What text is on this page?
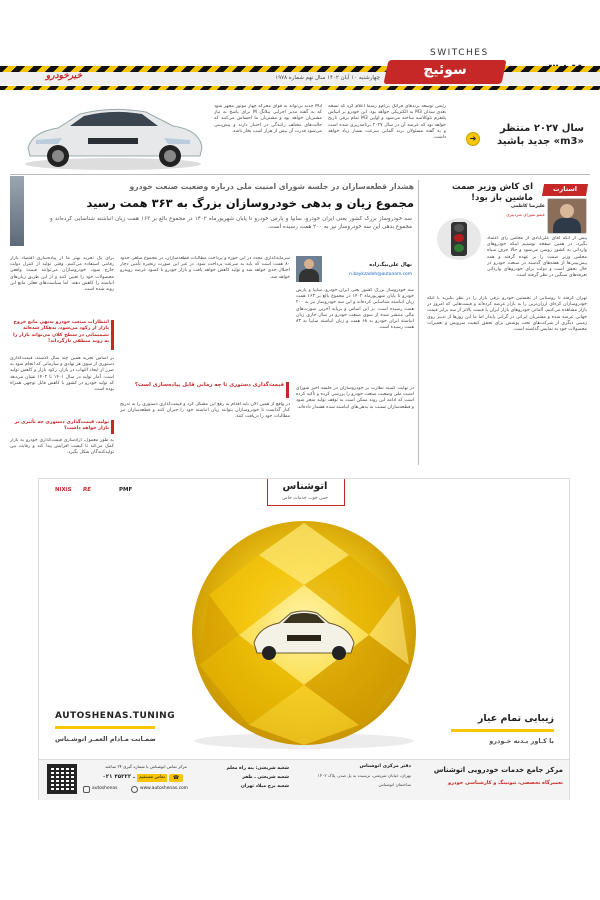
SWITCHES
سوئیچ
چهارشنبه ۱۰ آبان ۱۴۰۲ سال نهم شماره ۱۹۷۸
خبرخودرو
M3 جدید بی‌تواند به قوای محرکه چهار موتور مجهز شود که به گفته مدیر اجرایی بیلانگ M برای پاسخ به نیاز مشتریان خواهد بود و مشتریان ما احساس می‌کنند که حالت‌های مختلف رانندگی در اختیار دارند و پیش‌بینی می‌شود قدرت آن بیش از هزار اسب بخار باشد.
رئیس توسعه برندهای فرانک بی‌ام‌و رسماً اعلام کرد که نسخه بعدی سدان M3 به الکتریکی خواهد بود. این خودرو بر اساس پلتفرم نئوکلاسه ساخته می‌شود و اولین M3 تمام برقی تاریخ خواهد بود که عرضه آن در سال ۲۰۲۷ برنامه‌ریزی شده است و به گفته مسئولان برند آلمانی سرعت بسیار زیاد خواهد داشت.	➜
سال ۲۰۲۷ منتظر «m3» جدید باشید
ای کاش وزیر صمت ماشین باز بود!
استارت
علیرضا کاظمی
عضو شورای سردبیری
پیش از آنکه آقای علی‌آبادی از مجلس رأی اعتماد بگیرد، در همین صفحه نوشتیم اینکه خودروهای وارداتی به کشور روشن می‌شود و حالا حرفِ سیاه مجلس وزیر صمت را بر عهده گرفته و همه پیش‌بینی‌ها از هفته‌های گذشته در صنعت خودرو در حال تحقق است و دولت برای خودروهای وارداتی تعرفه‌های سنگین در نظر گرفته است.
تهران گرفته تا روستایی از نخستین خودرو برقی بازار را در نظر بگیرید با آنکه خودروسازان کره‌ای ارزان‌ترین را به بازار عرضه کرده‌اند و قیمت‌هایی که امروز در بازار مشاهده می‌کنیم، آلمانی خودروهای بازار ایران با قیمت بالاتر از سه برابر قیمت جهانی عرضه شده و مشتریان ایرانی در گرانی پایدار اما ما این روزها از تدبیر روی زمینی دیگری از شرکت‌های تحت پوشش برای تحقق کیفیت سرویس و تعمیرات محصولات خود به نمایش گذاشته است.
هشدار قطعه‌سازان در جلسه شورای امنیت ملی درباره وضعیت صنعت خودرو
مجموع زیان و بدهی خودروسازان بزرگ به ۳۶۳ همت رسید
سه خودروساز بزرگ کشور یعنی ایران خودرو، سایپا و پارس خودرو تا پایان شهریورماه ۱۴۰۲ در مجموع بالغ بر ۱۶۳ همت زیان انباشته شناسایی کرده‌اند و مجموع بدهی این سه خودروساز نیز به ۲۰۰ همت رسیده است.
نهال علی‌بیگ‌زاده
n.baykzadeh@autonam.com
سه خودروساز بزرگ کشور یعنی ایران خودرو، سایپا و پارس خودرو تا پایان شهریورماه ۱۴۰۲ در مجموع بالغ بر ۱۶۳ همت زیان انباشته شناسایی کرده‌اند و این سه خودروساز نیز به ۲۰۰ همت رسیده است. بر این اساس و برپایه آخرین صورت‌های مالی منتشر شده از سوی صنعت خودرو در سال جاری زیان انباشته ایران خودرو به ۶۸ همت و زیان انباشته سایپا به ۸۳ همت رسیده است.
در نهایت کمیته نظارت بر خودروسازان در جلسه اخیر شورای امنیت ملی وضعیت صنعت خودرو را بررسی کرده و تأکید کرده است که ادامه این روند ممکن است به توقف تولید منجر شود و قطعه‌سازان نسبت به بدهی‌های انباشته شده هشدار داده‌اند.
سرمایه‌گذاری مجدد در این حوزه و پرداخت مطالبات قطعه‌سازان، در مجموع مبلغی حدود ۸۰ همت است که باید به سرعت پرداخت شود. در غیر این صورت زنجیره تأمین دچار اختلال جدی خواهد شد و تولید کاهش خواهد یافت و بازار خودرو با کمبود عرضه روبه‌رو خواهد شد.
قیمت‌گذاری دستوری تا چه زمانی قابل پیاده‌سازی است؟
در واقع از همین الان باید اقدام به رفع این مشکل کرد و قیمت‌گذاری دستوری را به تدریج کنار گذاشت تا خودروسازان بتوانند زیان انباشته خود را جبران کنند و قطعه‌سازان نیز مطالبات خود را دریافت کنند.
برای یک تجربه بهتر ما از پیاده‌سازی اقتصاد بازار رقابتی استفاده می‌کنیم. وقتی تولید از کنترل دولت خارج شود، خودروسازان می‌توانند قیمت واقعی محصولات خود را تعیین کنند و از این طریق زیان‌های انباشته را کاهش دهند. اما سیاست‌های فعلی مانع این روند شده است.
انتظارات صنعت خودرو بدنهی مانع خروج بازار از رکود می‌شود، بدهکار شده‌اند تصمیماتی در سطح کلان می‌تواند بازار را به روند منطقی بازگرداند!
بر اساس تجربه همین چند سال گذشته، قیمت‌گذاری دستوری از سوی هر نهادی و سازمانی که انجام شود به ضرر از ایجاد التهاب در بازار، رکود بازار و کاهش تولید است. آمار تولید در سال ۱۴۰۱ تا ۱۴۰۲ نشان می‌دهد که تولید خودرو در کشور با کاهش قابل توجهی همراه بوده است.
تولید، قیمت‌گذاری دستوری چه تأثیری بر بازار خواهد داشت؟
به طور معمول، آزادسازی قیمت‌گذاری خودرو به بازار کمک می‌کند تا کیفیت افزایش پیدا کند و رقابت بین تولیدکنندگان شکل بگیرد.
اتوشناس
حس خوب خدمات خاص
NiXiS	RE	PMF
AUTOSHENAS.TUNING
ضمـانت مـادام العمـر اتوشـناس
زیبایی تمام عیار
با کـاور بـدنه خـودرو
مرکز تماس اتوشناس با شماره گیری ۲۴ ساعته
☎
۰۲۱ ـ ۴۵۲۲۲ تماس مستقیم
autoshenas	www.autoshenas.com
شعبه شریعتی: بنه راه معلم
شعبه شریعتی ـ ظفر
شعبه برج میلاد تهران
دفتر مرکزی اتوشناس
تهران، خیابان شریعتی، نرسیده به پل صدر، پلاک ۱۴۰۲
ساختمان اتوشناس
مرکز جامع خدمات خودرویی اتوشناس
تعمیرگاه تخصصی، تیونینگ و کارشناسی خودرو
